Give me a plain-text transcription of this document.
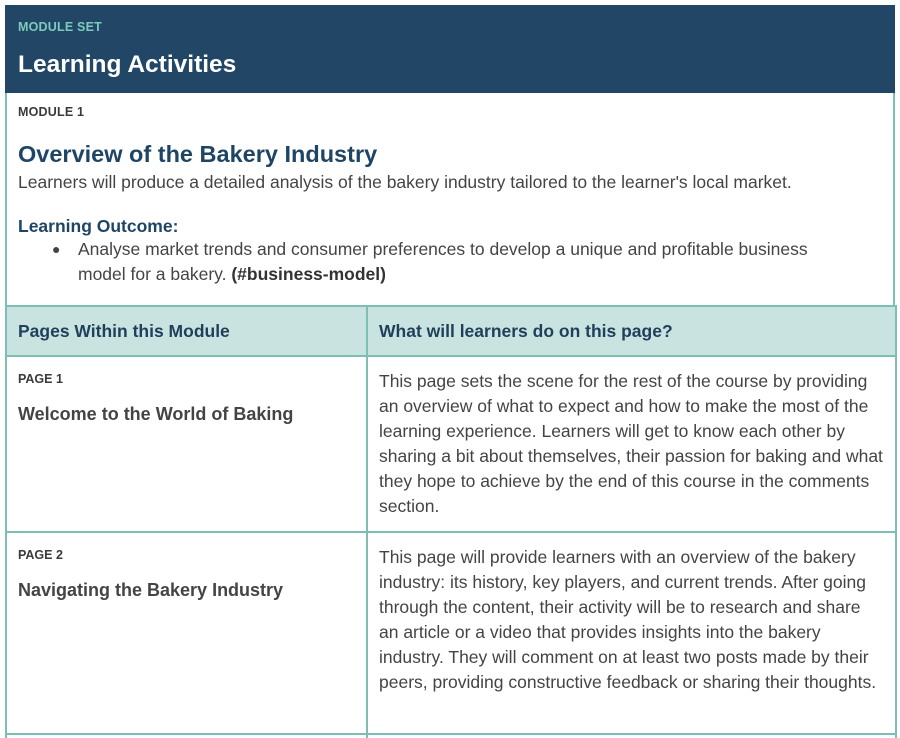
MODULE SET
Learning Activities
MODULE 1
Overview of the Bakery Industry
Learners will produce a detailed analysis of the bakery industry tailored to the learner's local market.
Learning Outcome:
● Analyse market trends and consumer preferences to develop a unique and profitable business model for a bakery. (#business-model)
Pages Within this Module	What will learners do on this page?

PAGE 1
Welcome to the World of Baking	This page sets the scene for the rest of the course by providing an overview of what to expect and how to make the most of the learning experience. Learners will get to know each other by sharing a bit about themselves, their passion for baking and what they hope to achieve by the end of this course in the comments section.

PAGE 2
Navigating the Bakery Industry	This page will provide learners with an overview of the bakery industry: its history, key players, and current trends. After going through the content, their activity will be to research and share an article or a video that provides insights into the bakery industry. They will comment on at least two posts made by their peers, providing constructive feedback or sharing their thoughts.
